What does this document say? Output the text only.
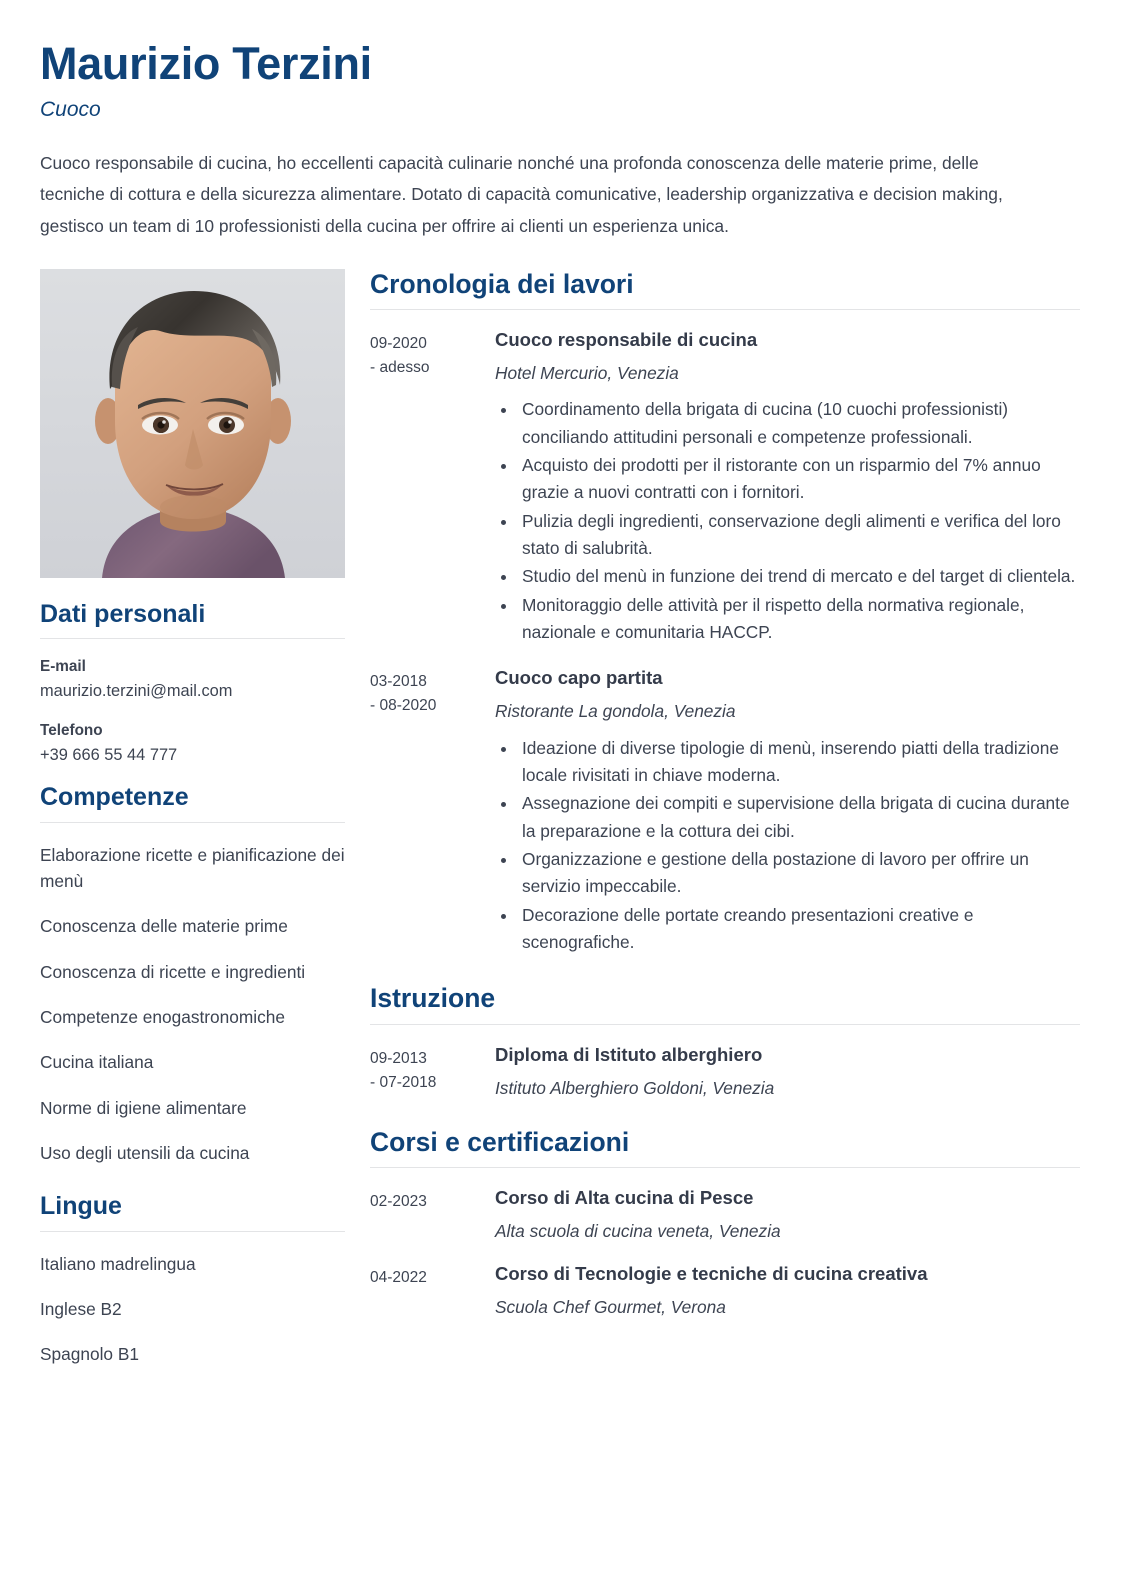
Maurizio Terzini
Cuoco

Cuoco responsabile di cucina, ho eccellenti capacità culinarie nonché una profonda conoscenza delle materie prime, delle tecniche di cottura e della sicurezza alimentare. Dotato di capacità comunicative, leadership organizzativa e decision making, gestisco un team di 10 professionisti della cucina per offrire ai clienti un esperienza unica.

Dati personali
E-mail
maurizio.terzini@mail.com
Telefono
+39 666 55 44 777
Competenze
Elaborazione ricette e pianificazione dei menù
Conoscenza delle materie prime
Conoscenza di ricette e ingredienti
Competenze enogastronomiche
Cucina italiana
Norme di igiene alimentare
Uso degli utensili da cucina
Lingue
Italiano madrelingua
Inglese B2
Spagnolo B1
Cronologia dei lavori
09-2020
- adesso
Cuoco responsabile di cucina
Hotel Mercurio, Venezia
• Coordinamento della brigata di cucina (10 cuochi professionisti) conciliando attitudini personali e competenze professionali.
• Acquisto dei prodotti per il ristorante con un risparmio del 7% annuo grazie a nuovi contratti con i fornitori.
• Pulizia degli ingredienti, conservazione degli alimenti e verifica del loro stato di salubrità.
• Studio del menù in funzione dei trend di mercato e del target di clientela.
• Monitoraggio delle attività per il rispetto della normativa regionale, nazionale e comunitaria HACCP.
03-2018
- 08-2020
Cuoco capo partita
Ristorante La gondola, Venezia
• Ideazione di diverse tipologie di menù, inserendo piatti della tradizione locale rivisitati in chiave moderna.
• Assegnazione dei compiti e supervisione della brigata di cucina durante la preparazione e la cottura dei cibi.
• Organizzazione e gestione della postazione di lavoro per offrire un servizio impeccabile.
• Decorazione delle portate creando presentazioni creative e scenografiche.
Istruzione
09-2013
- 07-2018
Diploma di Istituto alberghiero
Istituto Alberghiero Goldoni, Venezia
Corsi e certificazioni
02-2023	Corso di Alta cucina di Pesce
Alta scuola di cucina veneta, Venezia
04-2022	Corso di Tecnologie e tecniche di cucina creativa
Scuola Chef Gourmet, Verona
